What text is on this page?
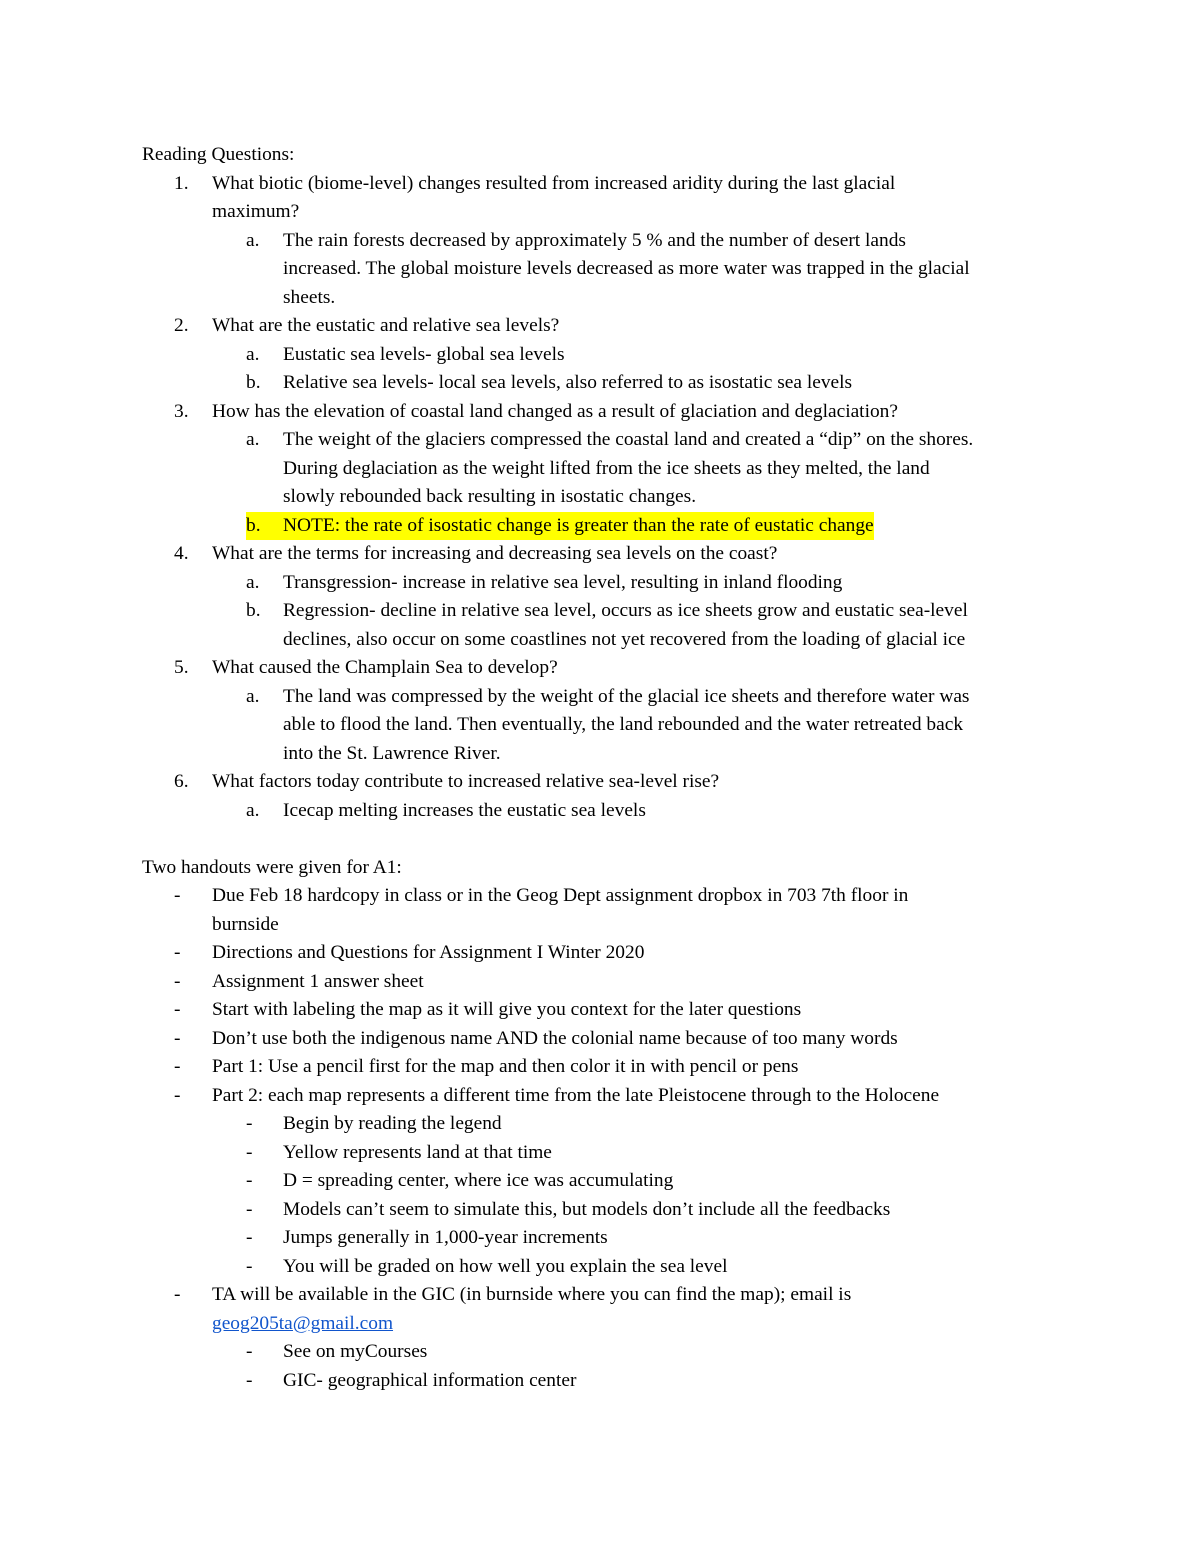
Reading Questions:
1. What biotic (biome-level) changes resulted from increased aridity during the last glacial
maximum?
a. The rain forests decreased by approximately 5 % and the number of desert lands
increased. The global moisture levels decreased as more water was trapped in the glacial
sheets.
2. What are the eustatic and relative sea levels?
a. Eustatic sea levels- global sea levels
b. Relative sea levels- local sea levels, also referred to as isostatic sea levels
3. How has the elevation of coastal land changed as a result of glaciation and deglaciation?
a. The weight of the glaciers compressed the coastal land and created a “dip” on the shores.
During deglaciation as the weight lifted from the ice sheets as they melted, the land
slowly rebounded back resulting in isostatic changes.
b.	NOTE: the rate of isostatic change is greater than the rate of eustatic change
4. What are the terms for increasing and decreasing sea levels on the coast?
a. Transgression- increase in relative sea level, resulting in inland flooding
b. Regression- decline in relative sea level, occurs as ice sheets grow and eustatic sea-level
declines, also occur on some coastlines not yet recovered from the loading of glacial ice
5. What caused the Champlain Sea to develop?
a. The land was compressed by the weight of the glacial ice sheets and therefore water was
able to flood the land. Then eventually, the land rebounded and the water retreated back
into the St. Lawrence River.
6. What factors today contribute to increased relative sea-level rise?
a. Icecap melting increases the eustatic sea levels
Two handouts were given for A1:
- Due Feb 18 hardcopy in class or in the Geog Dept assignment dropbox in 703 7th floor in
burnside
- Directions and Questions for Assignment I Winter 2020
- Assignment 1 answer sheet
- Start with labeling the map as it will give you context for the later questions
- Don’t use both the indigenous name AND the colonial name because of too many words
- Part 1: Use a pencil first for the map and then color it in with pencil or pens
- Part 2: each map represents a different time from the late Pleistocene through to the Holocene
- Begin by reading the legend
- Yellow represents land at that time
- D = spreading center, where ice was accumulating
- Models can’t seem to simulate this, but models don’t include all the feedbacks
- Jumps generally in 1,000-year increments
- You will be graded on how well you explain the sea level
- TA will be available in the GIC (in burnside where you can find the map); email is
geog205ta@gmail.com
- See on myCourses
- GIC- geographical information center
